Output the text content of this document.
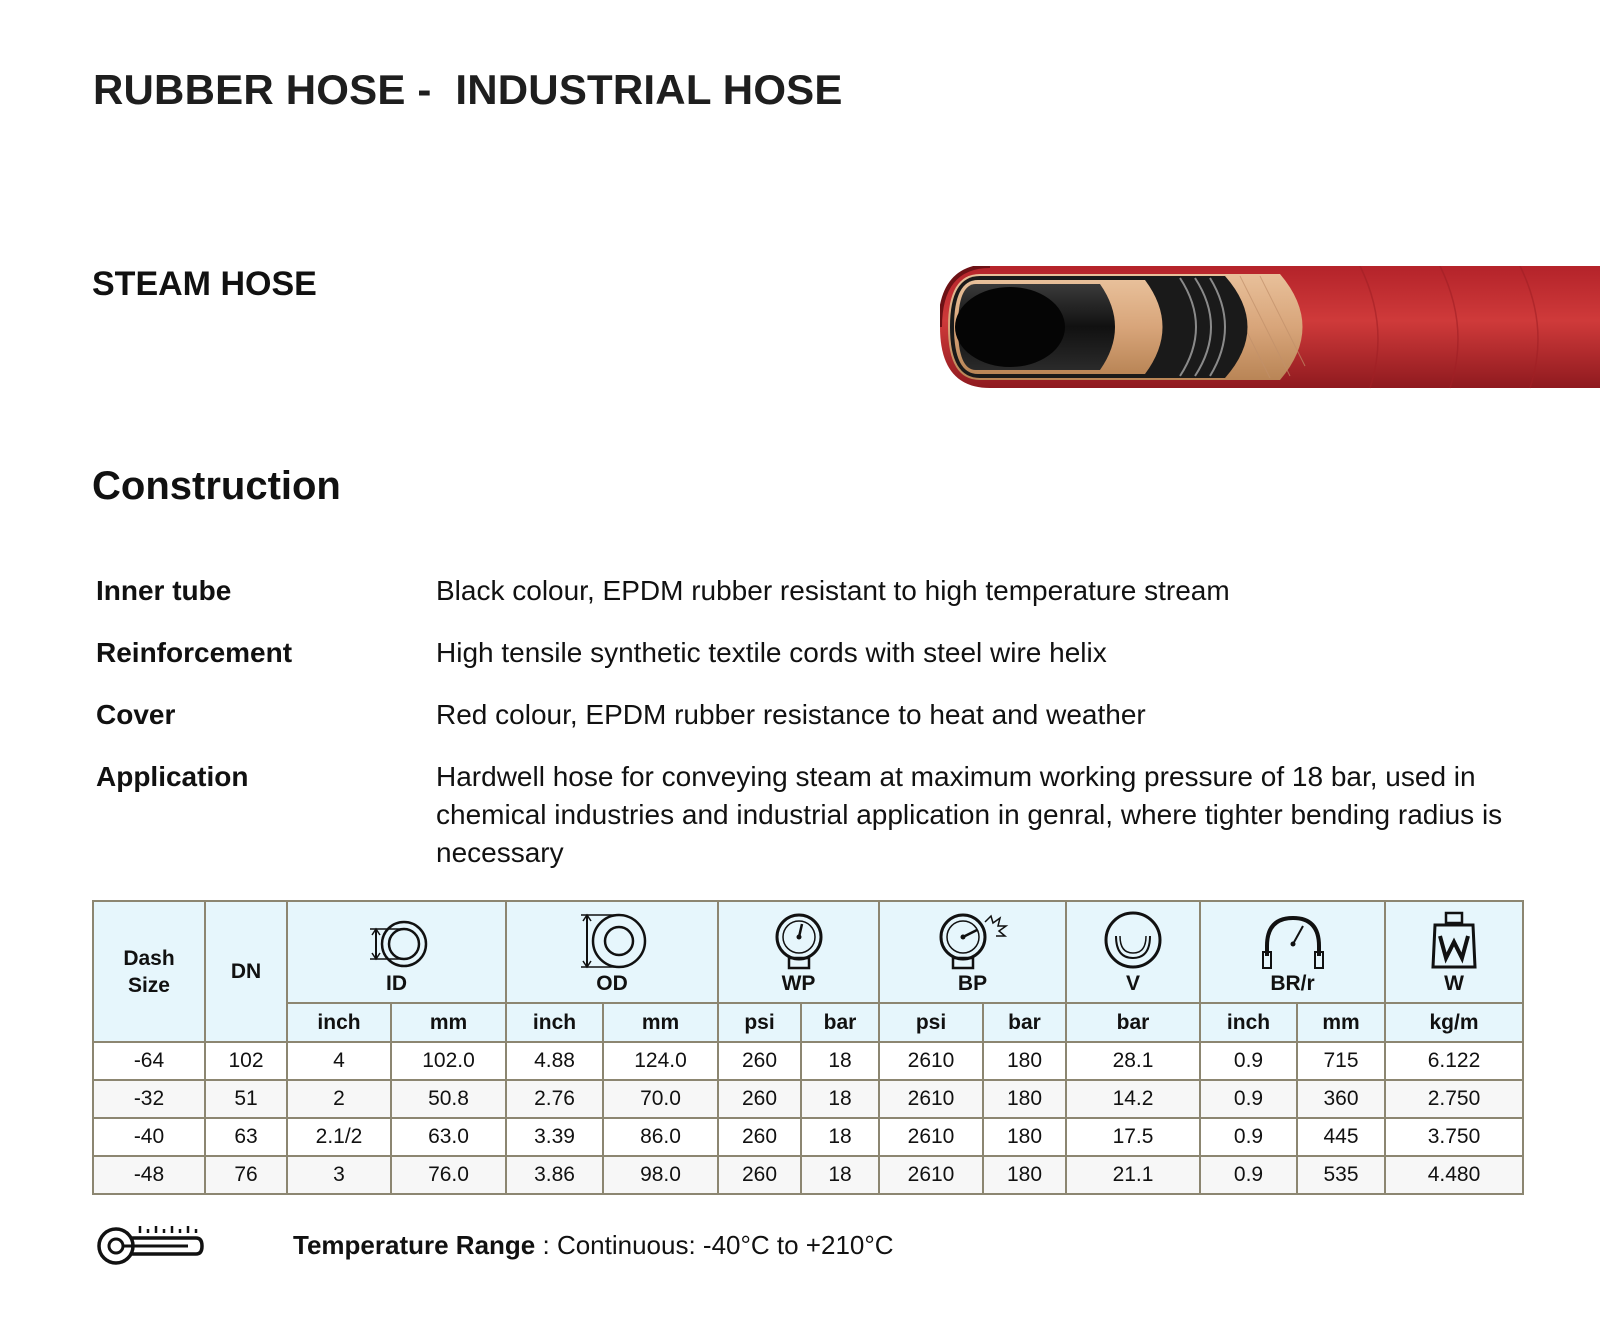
RUBBER HOSE -  INDUSTRIAL HOSE
STEAM HOSE
Construction
Inner tube	Black colour, EPDM rubber resistant to high temperature stream
Reinforcement	High tensile synthetic textile cords with steel wire helix
Cover	Red colour, EPDM rubber resistance to heat and weather
Application	Hardwell hose for conveying steam at maximum working pressure of 18 bar, used in chemical industries and industrial application in genral, where tighter bending radius is necessary
Dash
Size	DN	ID		OD		WP		BP		V	BR/r		W

		inch	mm	inch	mm	psi	bar	psi	bar	bar	inch	mm	kg/m
-64	102	4	102.0	4.88	124.0	260	18	2610	180	28.1	0.9	715	6.122
-32	51	2	50.8	2.76	70.0	260	18	2610	180	14.2	0.9	360	2.750
-40	63	2.1/2	63.0	3.39	86.0	260	18	2610	180	17.5	0.9	445	3.750
-48	76	3	76.0	3.86	98.0	260	18	2610	180	21.1	0.9	535	4.480
Temperature Range : Continuous: -40°C to +210°C
